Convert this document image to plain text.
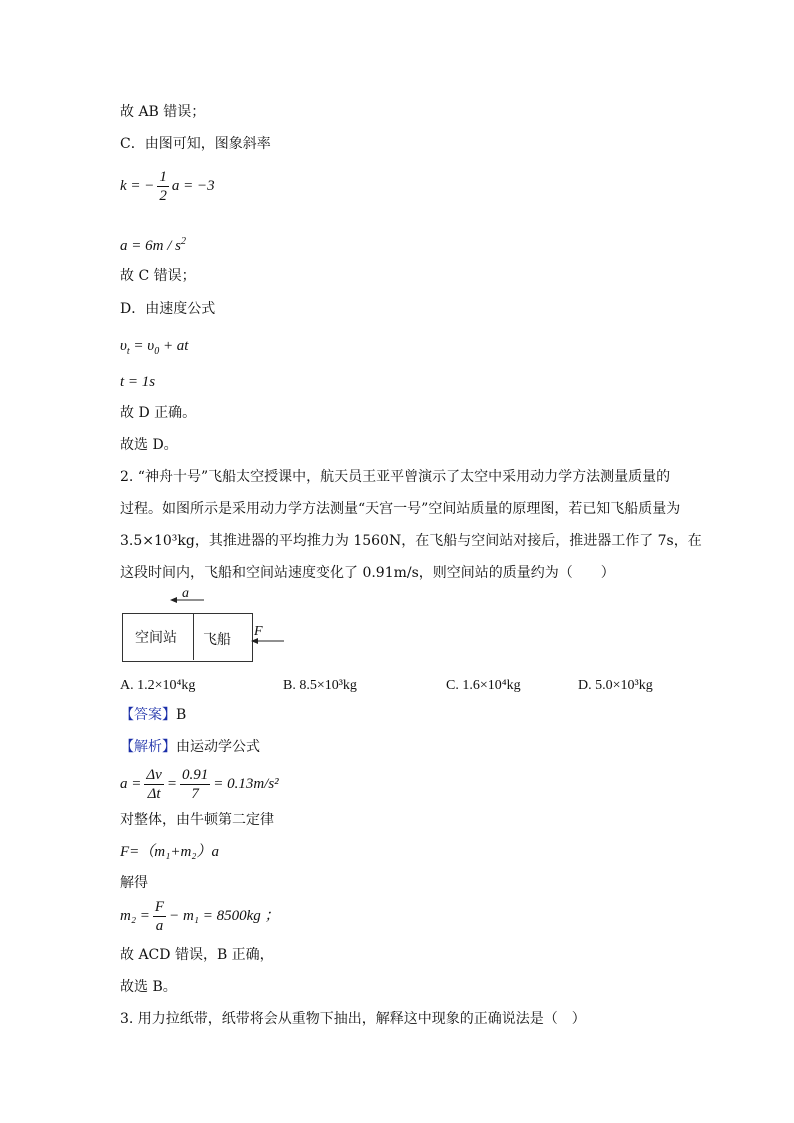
故 AB 错误；
C．由图可知，图象斜率
k = − $\frac{1}{2}$ a = −3
$a = 6m / s^2$
故 C 错误；
D．由速度公式
$\upsilon_t = \upsilon_0$ + at
t = 1s
故 D 正确。
故选 D。
2. “神舟十号”飞船太空授课中，航天员王亚平曾演示了太空中采用动力学方法测量质量的
过程。如图所示是采用动力学方法测量“天宫一号”空间站质量的原理图，若已知飞船质量为
3.5×10³kg，其推进器的平均推力为 1560N，在飞船与空间站对接后，推进器工作了 7s，在
这段时间内，飞船和空间站速度变化了 0.91m/s，则空间站的质量约为（　　）
a
空间站 飞船
F
A. 1.2×10⁴kg	B. 8.5×10³kg	C. 1.6×10⁴kg	D. 5.0×10³kg
【答案】B
【解析】由运动学公式
$a = \frac{\Delta v}{\Delta t} = \frac{0.91}{7} = 0.13m/s^2$
对整体，由牛顿第二定律
F=（m₁+m₂）a
解得
$m_2 = \frac{F}{a} - m_1 = 8500kg$ ；
故 ACD 错误，B 正确，
故选 B。
3. 用力拉纸带，纸带将会从重物下抽出，解释这中现象的正确说法是（　）
